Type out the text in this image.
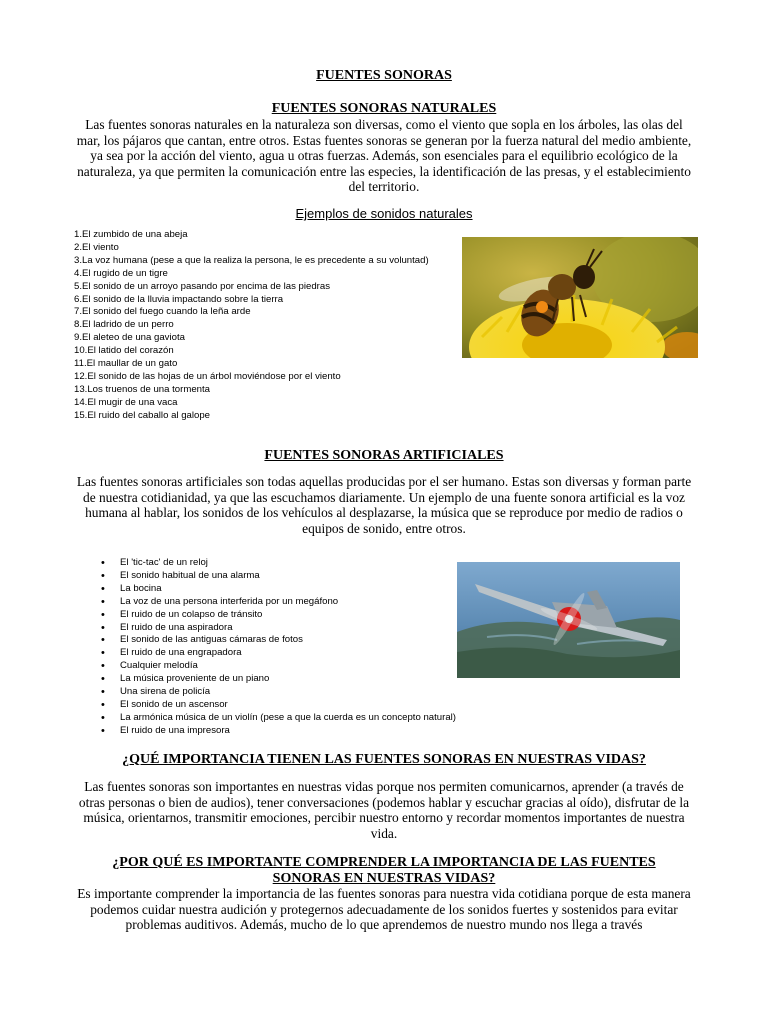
FUENTES SONORAS
FUENTES SONORAS NATURALES
Las fuentes sonoras naturales en la naturaleza son diversas, como el viento que sopla en los árboles, las olas del mar, los pájaros que cantan, entre otros. Estas fuentes sonoras se generan por la fuerza natural del medio ambiente, ya sea por la acción del viento, agua u otras fuerzas. Además, son esenciales para el equilibrio ecológico de la naturaleza, ya que permiten la comunicación entre las especies, la identificación de las presas, y el establecimiento del territorio.
Ejemplos de sonidos naturales
1.El zumbido de una abeja
2.El viento
3.La voz humana (pese a que la realiza la persona, le es precedente a su voluntad)
4.El rugido de un tigre
5.El sonido de un arroyo pasando por encima de las piedras
6.El sonido de la lluvia impactando sobre la tierra
7.El sonido del fuego cuando la leña arde
8.El ladrido de un perro
9.El aleteo de una gaviota
10.El latido del corazón
11.El maullar de un gato
12.El sonido de las hojas de un árbol moviéndose por el viento
13.Los truenos de una tormenta
14.El mugir de una vaca
15.El ruido del caballo al galope
FUENTES SONORAS ARTIFICIALES
Las fuentes sonoras artificiales son todas aquellas producidas por el ser humano. Estas son diversas y forman parte de nuestra cotidianidad, ya que las escuchamos diariamente. Un ejemplo de una fuente sonora artificial es la voz humana al hablar, los sonidos de los vehículos al desplazarse, la música que se reproduce por medio de radios o equipos de sonido, entre otros.
• El 'tic-tac' de un reloj
• El sonido habitual de una alarma
• La bocina
• La voz de una persona interferida por un megáfono
• El ruido de un colapso de tránsito
• El ruido de una aspiradora
• El sonido de las antiguas cámaras de fotos
• El ruido de una engrapadora
• Cualquier melodía
• La música proveniente de un piano
• Una sirena de policía
• El sonido de un ascensor
• La armónica música de un violín (pese a que la cuerda es un concepto natural)
• El ruido de una impresora
¿QUÉ IMPORTANCIA TIENEN LAS FUENTES SONORAS EN NUESTRAS VIDAS?
Las fuentes sonoras son importantes en nuestras vidas porque nos permiten comunicarnos, aprender (a través de otras personas o bien de audios), tener conversaciones (podemos hablar y escuchar gracias al oído), disfrutar de la música, orientarnos, transmitir emociones, percibir nuestro entorno y recordar momentos importantes de nuestra vida.
¿POR QUÉ ES IMPORTANTE COMPRENDER LA IMPORTANCIA DE LAS FUENTES
SONORAS EN NUESTRAS VIDAS?
Es importante comprender la importancia de las fuentes sonoras para nuestra vida cotidiana porque de esta manera podemos cuidar nuestra audición y protegernos adecuadamente de los sonidos fuertes y sostenidos para evitar problemas auditivos. Además, mucho de lo que aprendemos de nuestro mundo nos llega a través
